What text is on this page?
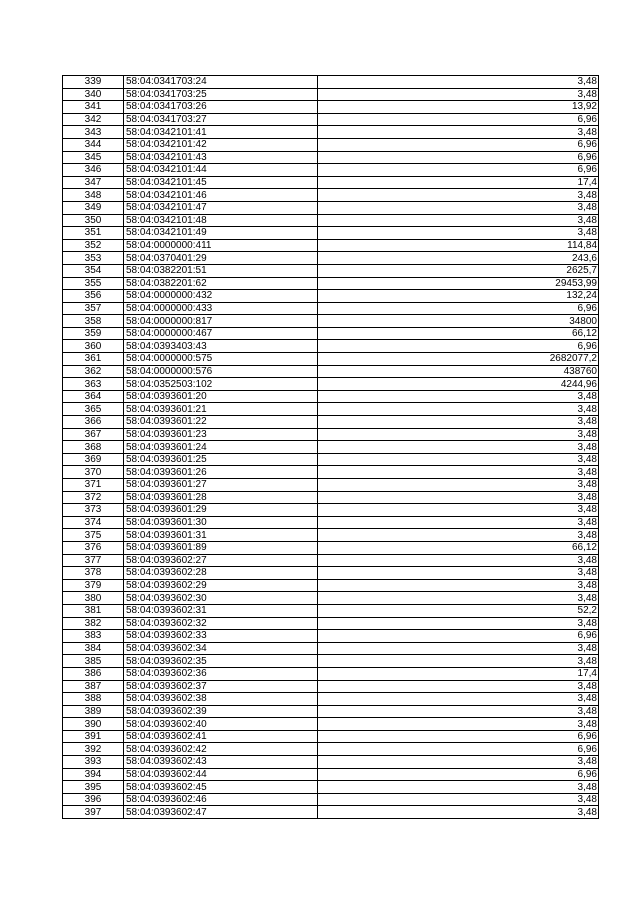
339	58:04:0341703:24	3,48
340	58:04:0341703:25	3,48
341	58:04:0341703:26	13,92
342	58:04:0341703:27	6,96
343	58:04:0342101:41	3,48
344	58:04:0342101:42	6,96
345	58:04:0342101:43	6,96
346	58:04:0342101:44	6,96
347	58:04:0342101:45	17,4
348	58:04:0342101:46	3,48
349	58:04:0342101:47	3,48
350	58:04:0342101:48	3,48
351	58:04:0342101:49	3,48
352	58:04:0000000:411	114,84
353	58:04:0370401:29	243,6
354	58:04:0382201:51	2625,7
355	58:04:0382201:62	29453,99
356	58:04:0000000:432	132,24
357	58:04:0000000:433	6,96
358	58:04:0000000:817	34800
359	58:04:0000000:467	66,12
360	58:04:0393403:43	6,96
361	58:04:0000000:575	2682077,2
362	58:04:0000000:576	438760
363	58:04:0352503:102	4244,96
364	58:04:0393601:20	3,48
365	58:04:0393601:21	3,48
366	58:04:0393601:22	3,48
367	58:04:0393601:23	3,48
368	58:04:0393601:24	3,48
369	58:04:0393601:25	3,48
370	58:04:0393601:26	3,48
371	58:04:0393601:27	3,48
372	58:04:0393601:28	3,48
373	58:04:0393601:29	3,48
374	58:04:0393601:30	3,48
375	58:04:0393601:31	3,48
376	58:04:0393601:89	66,12
377	58:04:0393602:27	3,48
378	58:04:0393602:28	3,48
379	58:04:0393602:29	3,48
380	58:04:0393602:30	3,48
381	58:04:0393602:31	52,2
382	58:04:0393602:32	3,48
383	58:04:0393602:33	6,96
384	58:04:0393602:34	3,48
385	58:04:0393602:35	3,48
386	58:04:0393602:36	17,4
387	58:04:0393602:37	3,48
388	58:04:0393602:38	3,48
389	58:04:0393602:39	3,48
390	58:04:0393602:40	3,48
391	58:04:0393602:41	6,96
392	58:04:0393602:42	6,96
393	58:04:0393602:43	3,48
394	58:04:0393602:44	6,96
395	58:04:0393602:45	3,48
396	58:04:0393602:46	3,48
397	58:04:0393602:47	3,48
